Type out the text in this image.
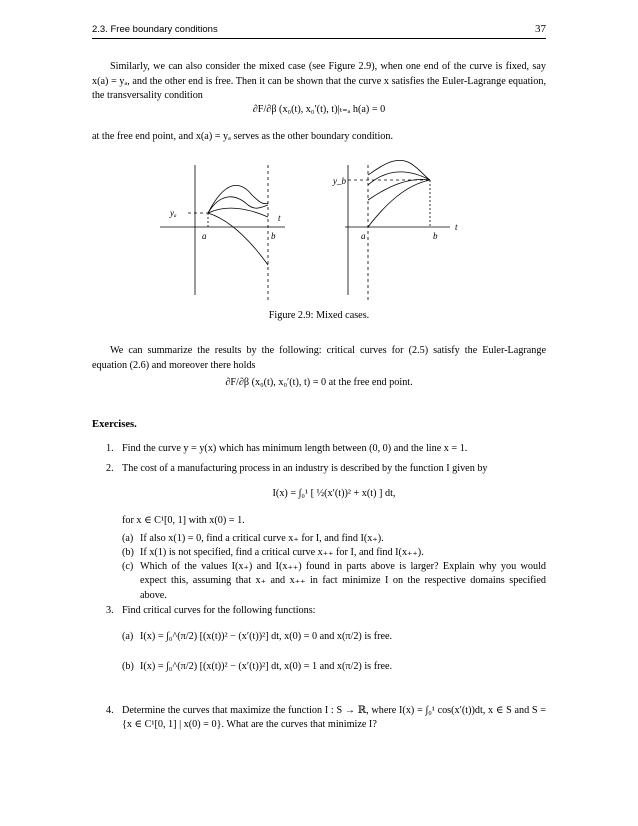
2.3. Free boundary conditions	37
Similarly, we can also consider the mixed case (see Figure 2.9), when one end of the curve is fixed, say x(a) = yₐ, and the other end is free. Then it can be shown that the curve x satisfies the Euler-Lagrange equation, the transversality condition
∂F/∂β (x₀(t), x₀′(t), t)|ₜ₌ₐ h(a) = 0
at the free end point, and x(a) = yₐ serves as the other boundary condition.
yₐ
a	b
t
y_b
a	b
t
Figure 2.9: Mixed cases.
We can summarize the results by the following: critical curves for (2.5) satisfy the Euler-Lagrange equation (2.6) and moreover there holds
∂F/∂β (x₀(t), x₀′(t), t) = 0 at the free end point.
Exercises.
1. Find the curve y = y(x) which has minimum length between (0, 0) and the line x = 1.
2. The cost of a manufacturing process in an industry is described by the function I given by
I(x) = ∫₀¹ [ ½(x′(t))² + x(t) ] dt,
for x ∈ C¹[0, 1] with x(0) = 1.
(a) If also x(1) = 0, find a critical curve x₊ for I, and find I(x₊).
(b) If x(1) is not specified, find a critical curve x₊₊ for I, and find I(x₊₊).
(c) Which of the values I(x₊) and I(x₊₊) found in parts above is larger? Explain why you would expect this, assuming that x₊ and x₊₊ in fact minimize I on the respective domains specified above.
3. Find critical curves for the following functions:
(a) I(x) = ∫₀^(π/2) [(x(t))² − (x′(t))²] dt, x(0) = 0 and x(π/2) is free.
(b) I(x) = ∫₀^(π/2) [(x(t))² − (x′(t))²] dt, x(0) = 1 and x(π/2) is free.
4. Determine the curves that maximize the function I : S → ℝ, where I(x) = ∫₀¹ cos(x′(t))dt, x ∈ S and S = {x ∈ C¹[0, 1] | x(0) = 0}. What are the curves that minimize I?
